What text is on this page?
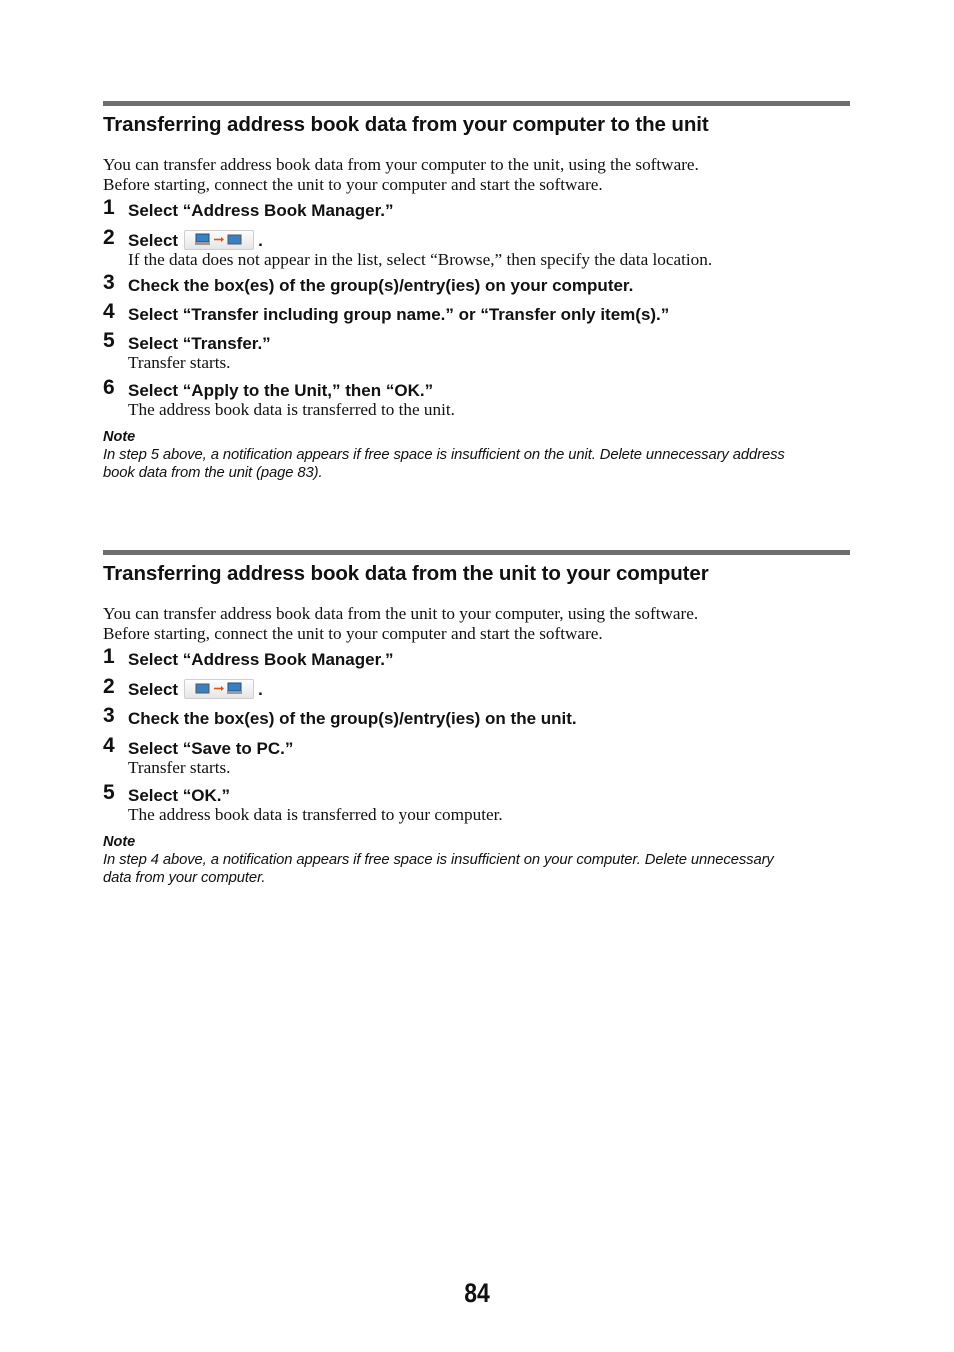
Transferring address book data from your computer to the unit
You can transfer address book data from your computer to the unit, using the software.
Before starting, connect the unit to your computer and start the software.
1 Select “Address Book Manager.”
2 Select	.
If the data does not appear in the list, select “Browse,” then specify the data location.
3 Check the box(es) of the group(s)/entry(ies) on your computer.
4 Select “Transfer including group name.” or “Transfer only item(s).”
5 Select “Transfer.”
Transfer starts.
6 Select “Apply to the Unit,” then “OK.”
The address book data is transferred to the unit.
Note
In step 5 above, a notification appears if free space is insufficient on the unit. Delete unnecessary address
book data from the unit (page 83).
Transferring address book data from the unit to your computer
You can transfer address book data from the unit to your computer, using the software.
Before starting, connect the unit to your computer and start the software.
1 Select “Address Book Manager.”
2 Select	.
3 Check the box(es) of the group(s)/entry(ies) on the unit.
4 Select “Save to PC.”
Transfer starts.
5 Select “OK.”
The address book data is transferred to your computer.
Note
In step 4 above, a notification appears if free space is insufficient on your computer. Delete unnecessary
data from your computer.
84
